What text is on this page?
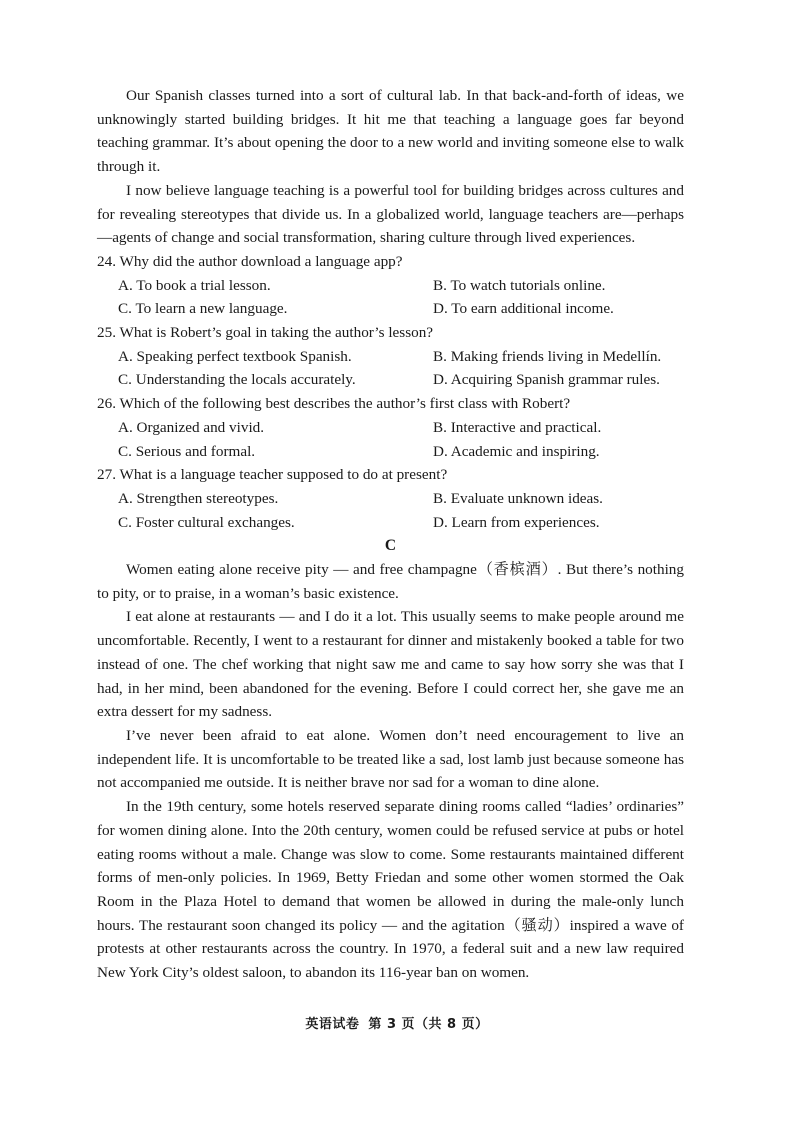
Our Spanish classes turned into a sort of cultural lab. In that back-and-forth of ideas, we unknowingly started building bridges. It hit me that teaching a language goes far beyond teaching grammar. It’s about opening the door to a new world and inviting someone else to walk through it.

I now believe language teaching is a powerful tool for building bridges across cultures and for revealing stereotypes that divide us. In a globalized world, language teachers are—perhaps—agents of change and social transformation, sharing culture through lived experiences.

24. Why did the author download a language app?
A. To book a trial lesson.	B. To watch tutorials online.
C. To learn a new language.	D. To earn additional income.
25. What is Robert’s goal in taking the author’s lesson?
A. Speaking perfect textbook Spanish.	B. Making friends living in Medellín.
C. Understanding the locals accurately.	D. Acquiring Spanish grammar rules.
26. Which of the following best describes the author’s first class with Robert?
A. Organized and vivid.	B. Interactive and practical.
C. Serious and formal.	D. Academic and inspiring.
27. What is a language teacher supposed to do at present?
A. Strengthen stereotypes.	B. Evaluate unknown ideas.
C. Foster cultural exchanges.	D. Learn from experiences.
C

Women eating alone receive pity — and free champagne（香槟酒）. But there’s nothing to pity, or to praise, in a woman’s basic existence.

I eat alone at restaurants — and I do it a lot. This usually seems to make people around me uncomfortable. Recently, I went to a restaurant for dinner and mistakenly booked a table for two instead of one. The chef working that night saw me and came to say how sorry she was that I had, in her mind, been abandoned for the evening. Before I could correct her, she gave me an extra dessert for my sadness.

I’ve never been afraid to eat alone. Women don’t need encouragement to live an independent life. It is uncomfortable to be treated like a sad, lost lamb just because someone has not accompanied me outside. It is neither brave nor sad for a woman to dine alone.

In the 19th century, some hotels reserved separate dining rooms called “ladies’ ordinaries” for women dining alone. Into the 20th century, women could be refused service at pubs or hotel eating rooms without a male. Change was slow to come. Some restaurants maintained different forms of men-only policies. In 1969, Betty Friedan and some other women stormed the Oak Room in the Plaza Hotel to demand that women be allowed in during the male-only lunch hours. The restaurant soon changed its policy — and the agitation（骚动）inspired a wave of protests at other restaurants across the country. In 1970, a federal suit and a new law required New York City’s oldest saloon, to abandon its 116-year ban on women.

英语试卷 第 3 页（共 8 页）
